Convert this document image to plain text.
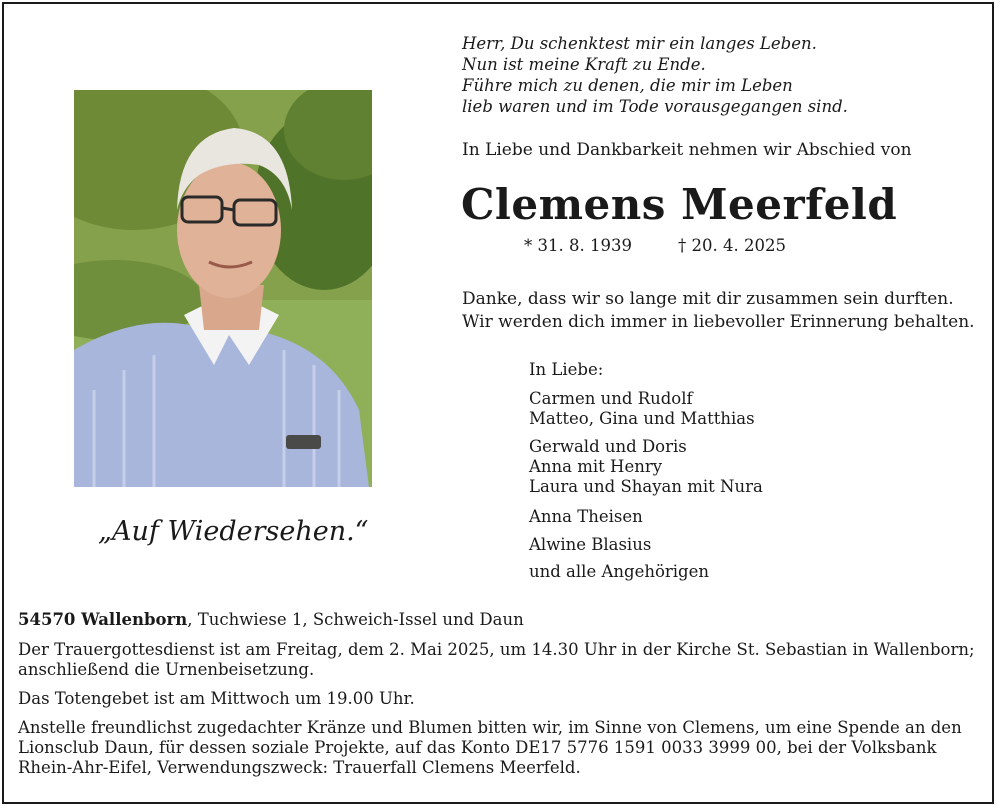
„Auf Wiedersehen.“
Herr, Du schenktest mir ein langes Leben.
Nun ist meine Kraft zu Ende.
Führe mich zu denen, die mir im Leben
lieb waren und im Tode vorausgegangen sind.
In Liebe und Dankbarkeit nehmen wir Abschied von
Clemens Meerfeld
* 31. 8. 1939	† 20. 4. 2025
Danke, dass wir so lange mit dir zusammen sein durften.
Wir werden dich immer in liebevoller Erinnerung behalten.
In Liebe:
Carmen und Rudolf
Matteo, Gina und Matthias
Gerwald und Doris
Anna mit Henry
Laura und Shayan mit Nura
Anna Theisen
Alwine Blasius
und alle Angehörigen

54570 Wallenborn, Tuchwiese 1, Schweich-Issel und Daun

Der Trauergottesdienst ist am Freitag, dem 2. Mai 2025, um 14.30 Uhr in der Kirche St. Sebastian in Wallenborn; anschließend die Urnenbeisetzung.

Das Totengebet ist am Mittwoch um 19.00 Uhr.

Anstelle freundlichst zugedachter Kränze und Blumen bitten wir, im Sinne von Clemens, um eine Spende an den Lionsclub Daun, für dessen soziale Projekte, auf das Konto DE17 5776 1591 0033 3999 00, bei der Volksbank Rhein-Ahr-Eifel, Verwendungszweck: Trauerfall Clemens Meerfeld.
